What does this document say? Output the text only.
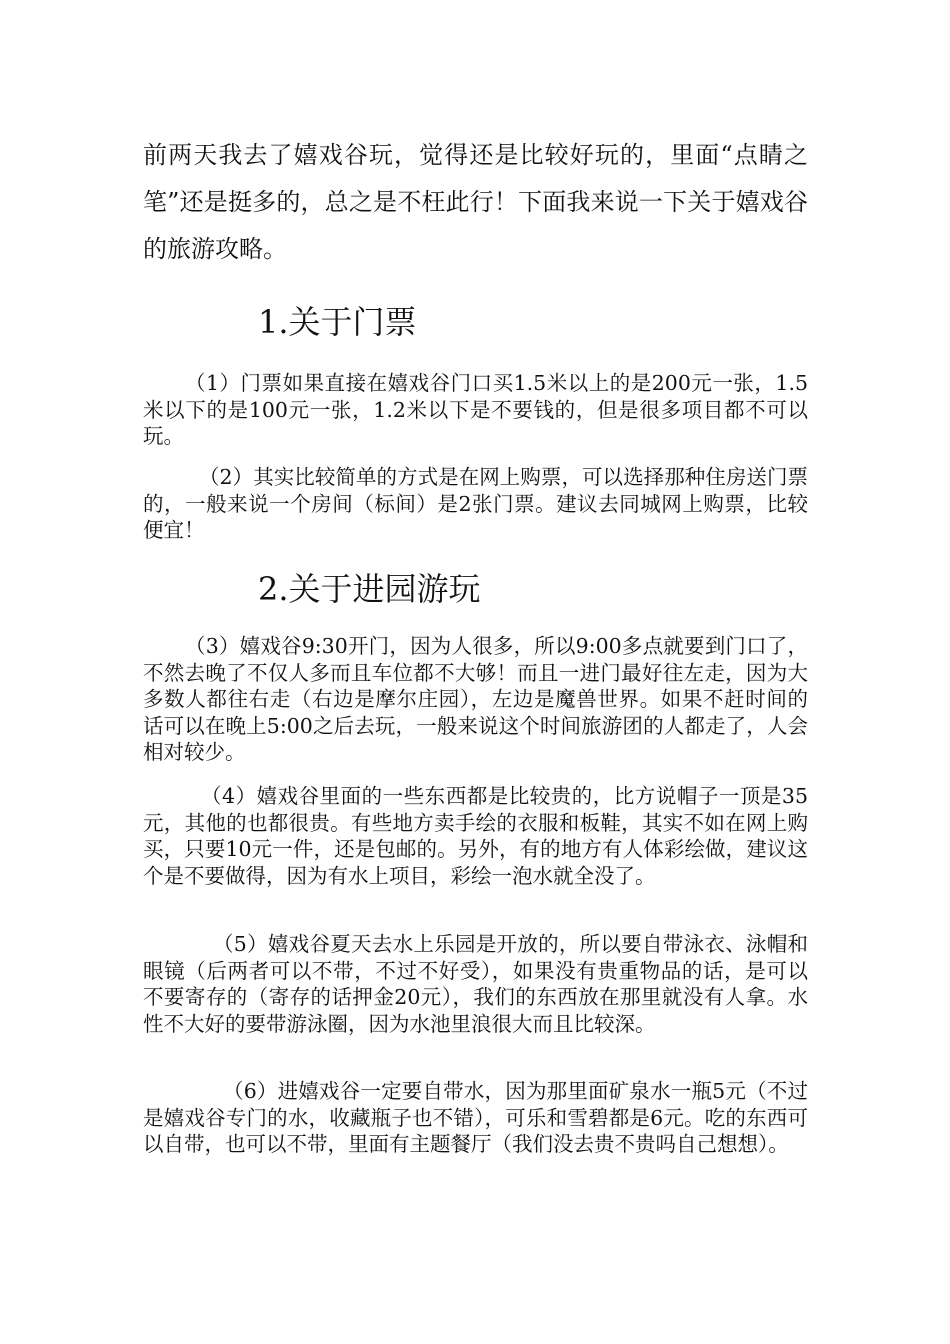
前两天我去了嬉戏谷玩，觉得还是比较好玩的，里面“点睛之笔”还是挺多的，总之是不枉此行！下面我来说一下关于嬉戏谷的旅游攻略。

1.关于门票

（1）门票如果直接在嬉戏谷门口买1.5米以上的是200元一张，1.5米以下的是100元一张，1.2米以下是不要钱的，但是很多项目都不可以玩。

（2）其实比较简单的方式是在网上购票，可以选择那种住房送门票的，一般来说一个房间（标间）是2张门票。建议去同城网上购票，比较便宜！

2.关于进园游玩

（3）嬉戏谷9:30开门，因为人很多，所以9:00多点就要到门口了，不然去晚了不仅人多而且车位都不大够！而且一进门最好往左走，因为大多数人都往右走（右边是摩尔庄园），左边是魔兽世界。如果不赶时间的话可以在晚上5:00之后去玩，一般来说这个时间旅游团的人都走了，人会相对较少。

（4）嬉戏谷里面的一些东西都是比较贵的，比方说帽子一顶是35元，其他的也都很贵。有些地方卖手绘的衣服和板鞋，其实不如在网上购买，只要10元一件，还是包邮的。另外，有的地方有人体彩绘做，建议这个是不要做得，因为有水上项目，彩绘一泡水就全没了。

（5）嬉戏谷夏天去水上乐园是开放的，所以要自带泳衣、泳帽和眼镜（后两者可以不带，不过不好受），如果没有贵重物品的话，是可以不要寄存的（寄存的话押金20元），我们的东西放在那里就没有人拿。水性不大好的要带游泳圈，因为水池里浪很大而且比较深。

（6）进嬉戏谷一定要自带水，因为那里面矿泉水一瓶5元（不过是嬉戏谷专门的水，收藏瓶子也不错），可乐和雪碧都是6元。吃的东西可以自带，也可以不带，里面有主题餐厅（我们没去贵不贵吗自己想想）。
